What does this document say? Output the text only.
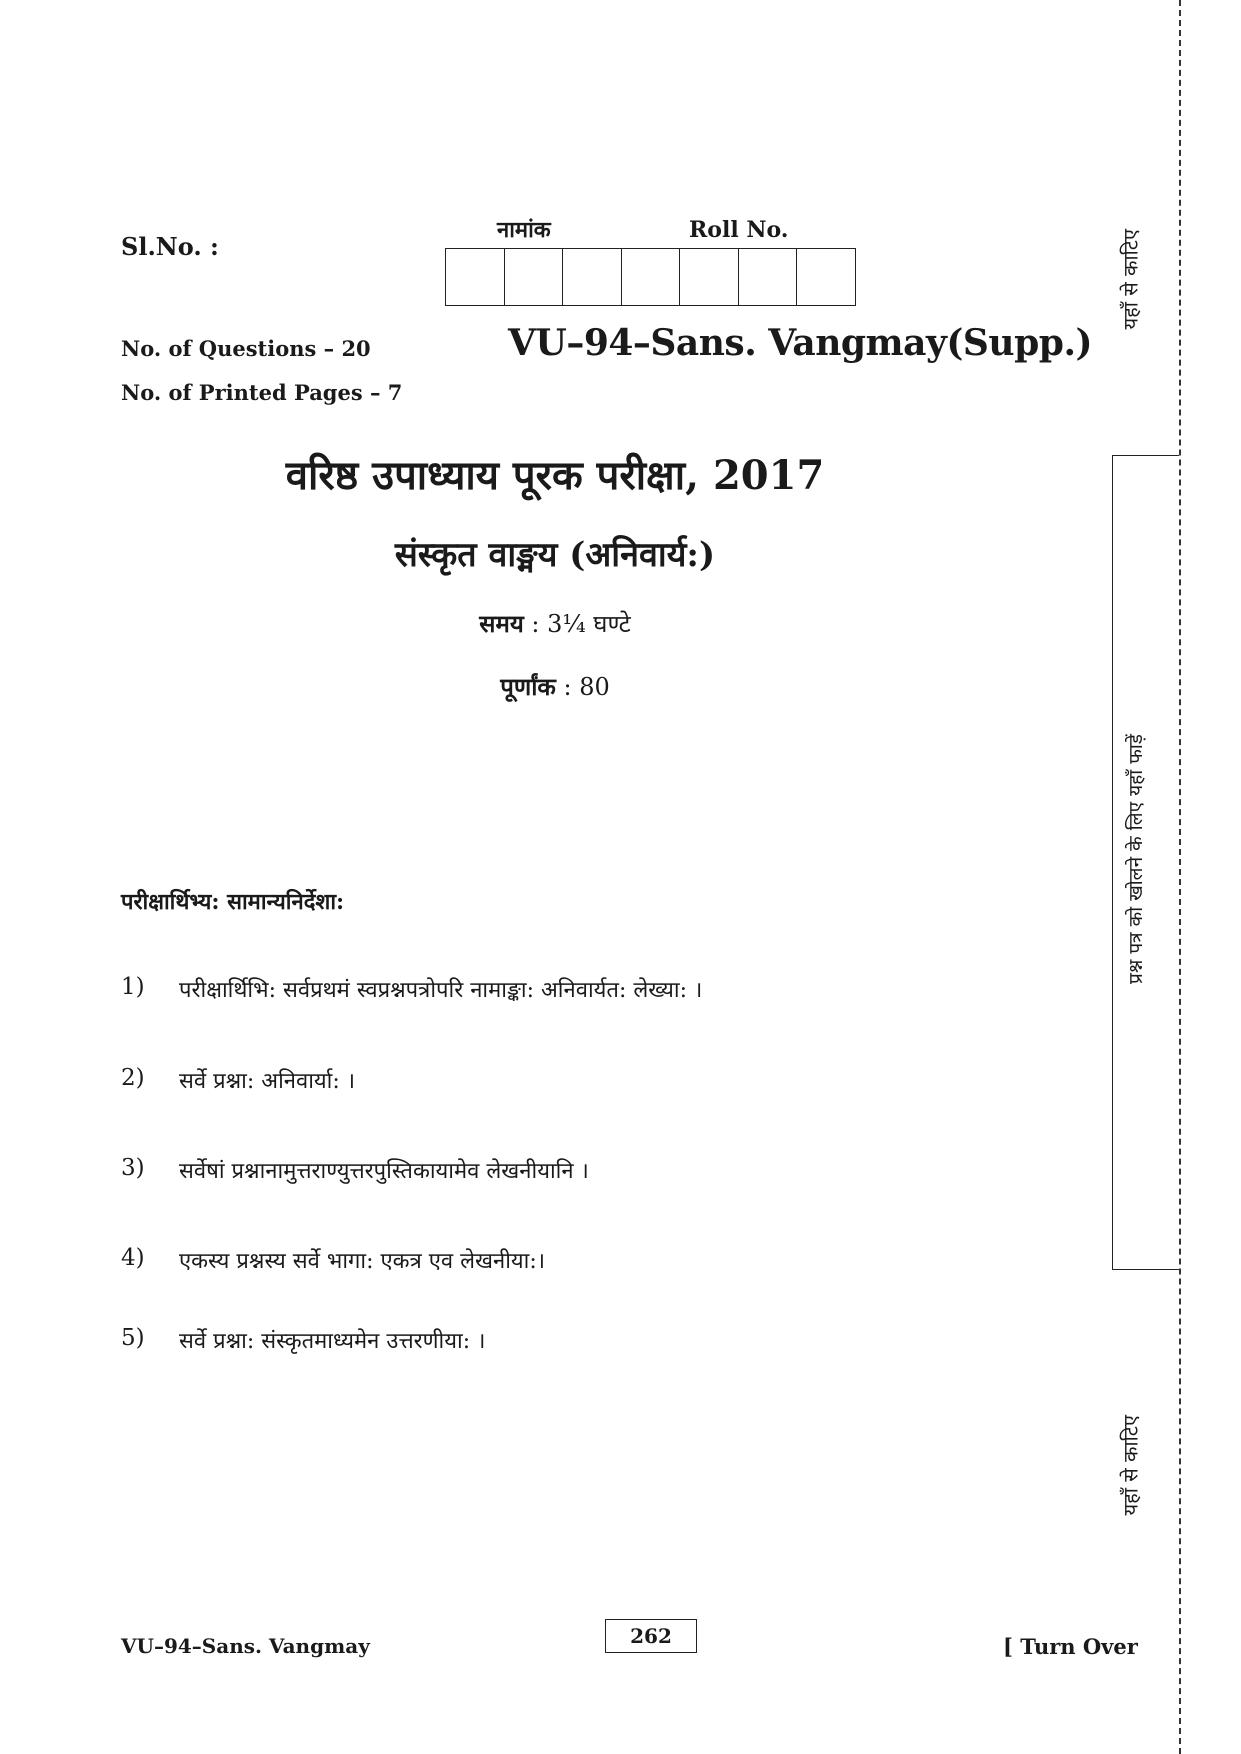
Sl.No. :
नामांक	Roll No.
No. of Questions – 20
No. of Printed Pages – 7
VU–94–Sans. Vangmay(Supp.)
वरिष्ठ उपाध्याय पूरक परीक्षा, 2017
संस्कृत वाङ्मय (अनिवार्य:)
समय : 3¼ घण्टे
पूर्णांक : 80
परीक्षार्थिभ्य: सामान्यनिर्देशा:
1)	परीक्षार्थिभि: सर्वप्रथमं स्वप्रश्नपत्रोपरि नामाङ्का: अनिवार्यत: लेख्या: ।
2)	सर्वे प्रश्ना: अनिवार्या: ।
3)	सर्वेषां प्रश्नानामुत्तराण्युत्तरपुस्तिकायामेव लेखनीयानि ।
4)	एकस्य प्रश्नस्य सर्वे भागा: एकत्र एव लेखनीया:।
5)	सर्वे प्रश्ना: संस्कृतमाध्यमेन उत्तरणीया: ।
VU–94–Sans. Vangmay	262	[ Turn Over
यहाँ से काटिए
प्रश्न पत्र को खोलने के लिए यहाँ फाड़ें
यहाँ से काटिए
